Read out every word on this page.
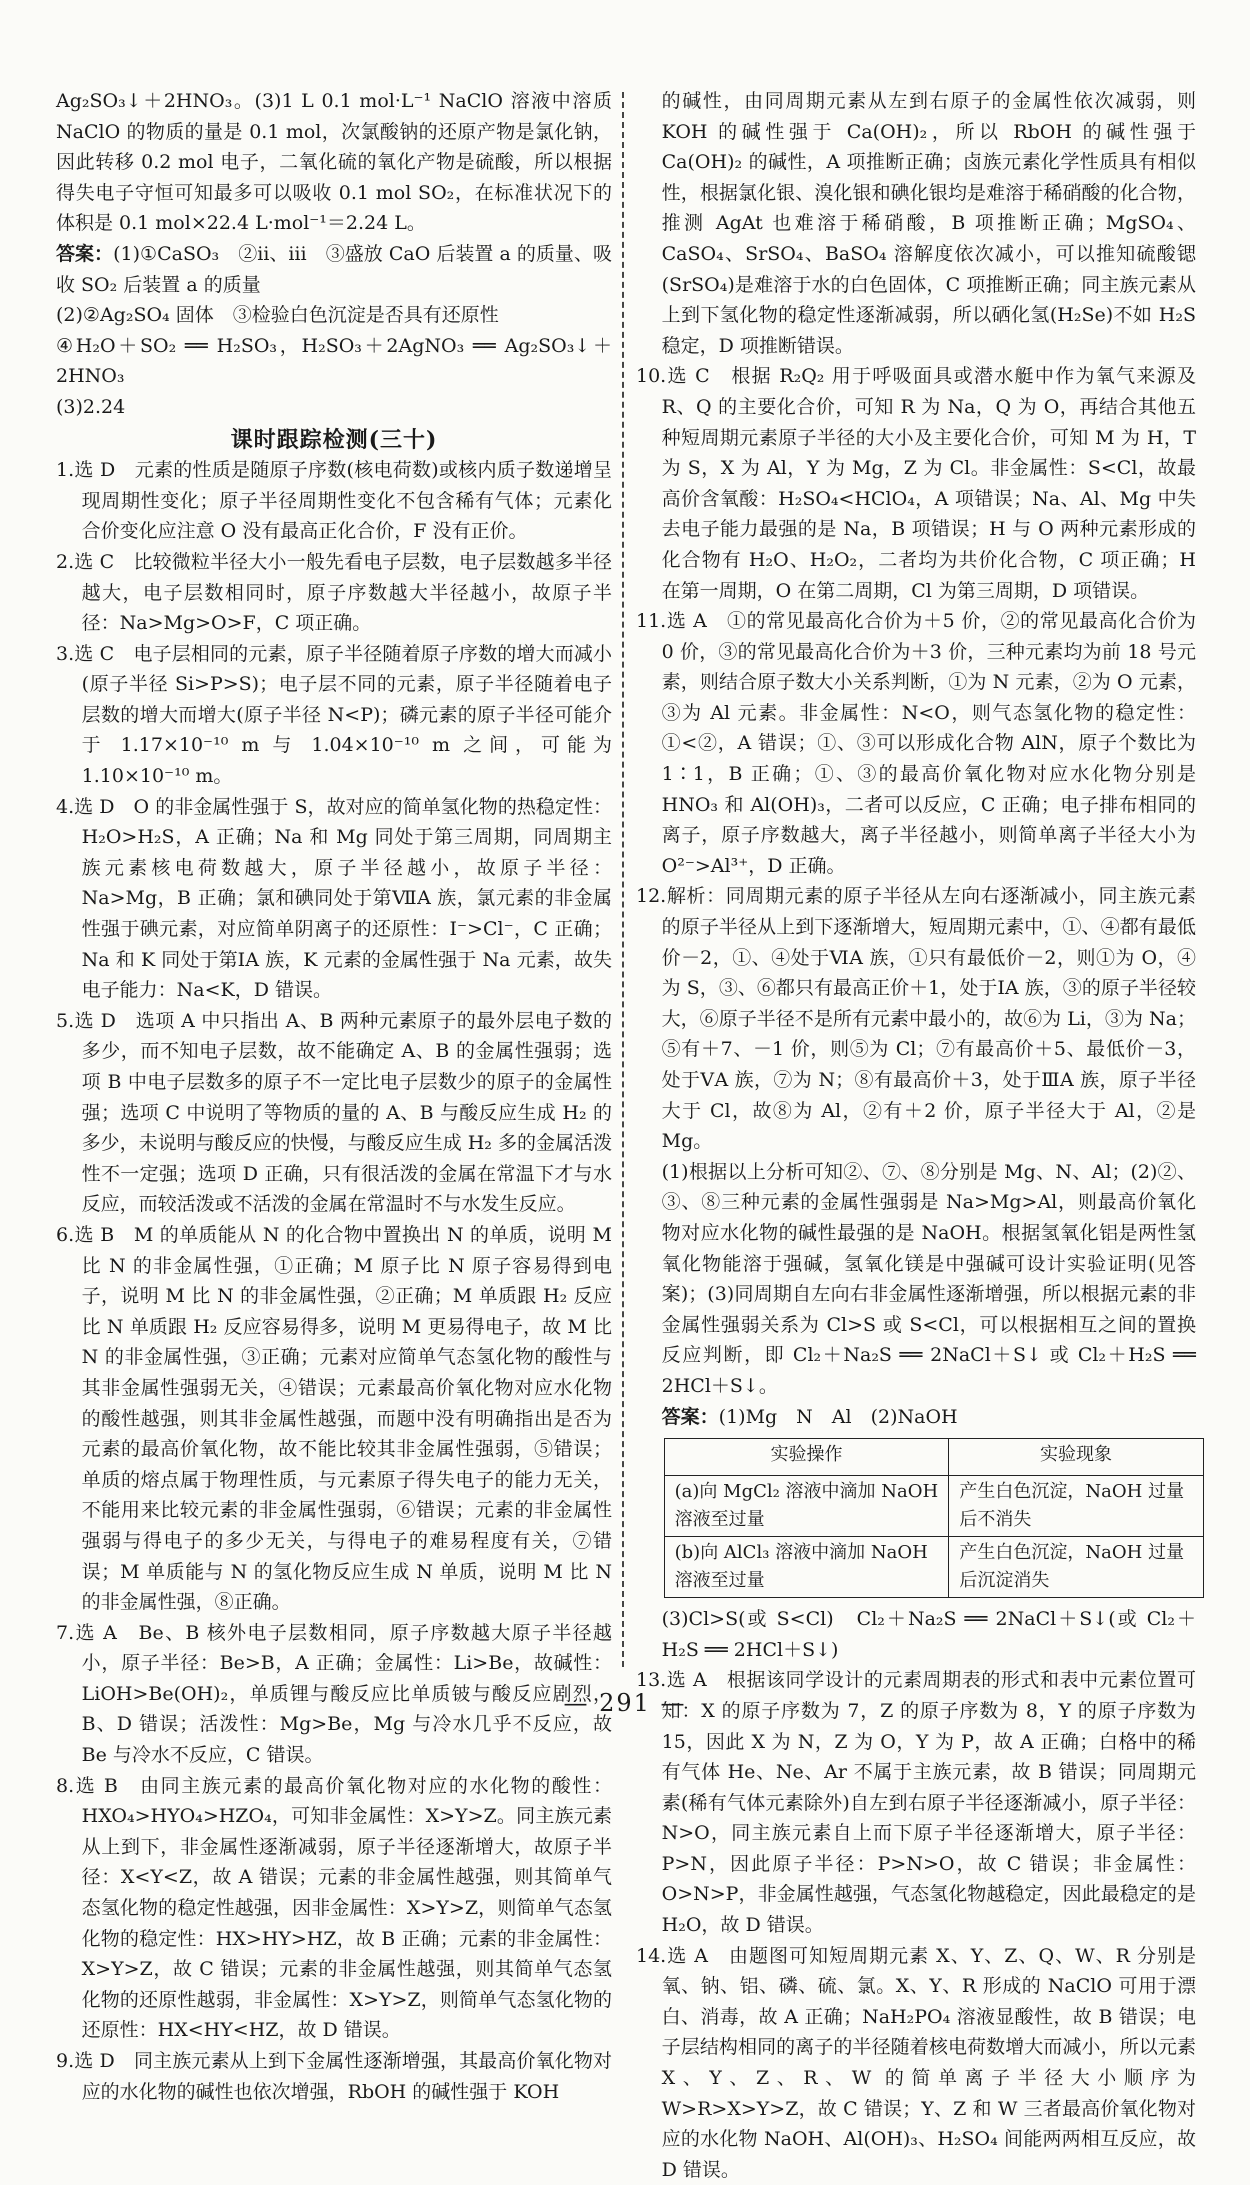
Ag₂SO₃↓＋2HNO₃。(3)1 L 0.1 mol·L⁻¹ NaClO 溶液中溶质 NaClO 的物质的量是 0.1 mol，次氯酸钠的还原产物是氯化钠，因此转移 0.2 mol 电子，二氧化硫的氧化产物是硫酸，所以根据得失电子守恒可知最多可以吸收 0.1 mol SO₂，在标准状况下的体积是 0.1 mol×22.4 L·mol⁻¹＝2.24 L。

答案：(1)①CaSO₃　②ⅱ、ⅲ　③盛放 CaO 后装置 a 的质量、吸收 SO₂ 后装置 a 的质量

(2)②Ag₂SO₄ 固体　③检验白色沉淀是否具有还原性

④H₂O＋SO₂ ══ H₂SO₃，H₂SO₃＋2AgNO₃ ══ Ag₂SO₃↓＋2HNO₃

(3)2.24

课时跟踪检测(三十)

1.选 D　元素的性质是随原子序数(核电荷数)或核内质子数递增呈现周期性变化；原子半径周期性变化不包含稀有气体；元素化合价变化应注意 O 没有最高正化合价，F 没有正价。

2.选 C　比较微粒半径大小一般先看电子层数，电子层数越多半径越大，电子层数相同时，原子序数越大半径越小，故原子半径：Na>Mg>O>F，C 项正确。

3.选 C　电子层相同的元素，原子半径随着原子序数的增大而减小(原子半径 Si>P>S)；电子层不同的元素，原子半径随着电子层数的增大而增大(原子半径 N<P)；磷元素的原子半径可能介于 1.17×10⁻¹⁰ m 与 1.04×10⁻¹⁰ m 之间，可能为 1.10×10⁻¹⁰ m。

4.选 D　O 的非金属性强于 S，故对应的简单氢化物的热稳定性：H₂O>H₂S，A 正确；Na 和 Mg 同处于第三周期，同周期主族元素核电荷数越大，原子半径越小，故原子半径：Na>Mg，B 正确；氯和碘同处于第ⅦA 族，氯元素的非金属性强于碘元素，对应简单阴离子的还原性：I⁻>Cl⁻，C 正确；Na 和 K 同处于第ⅠA 族，K 元素的金属性强于 Na 元素，故失电子能力：Na<K，D 错误。

5.选 D　选项 A 中只指出 A、B 两种元素原子的最外层电子数的多少，而不知电子层数，故不能确定 A、B 的金属性强弱；选项 B 中电子层数多的原子不一定比电子层数少的原子的金属性强；选项 C 中说明了等物质的量的 A、B 与酸反应生成 H₂ 的多少，未说明与酸反应的快慢，与酸反应生成 H₂ 多的金属活泼性不一定强；选项 D 正确，只有很活泼的金属在常温下才与水反应，而较活泼或不活泼的金属在常温时不与水发生反应。

6.选 B　M 的单质能从 N 的化合物中置换出 N 的单质，说明 M 比 N 的非金属性强，①正确；M 原子比 N 原子容易得到电子，说明 M 比 N 的非金属性强，②正确；M 单质跟 H₂ 反应比 N 单质跟 H₂ 反应容易得多，说明 M 更易得电子，故 M 比 N 的非金属性强，③正确；元素对应简单气态氢化物的酸性与其非金属性强弱无关，④错误；元素最高价氧化物对应水化物的酸性越强，则其非金属性越强，而题中没有明确指出是否为元素的最高价氧化物，故不能比较其非金属性强弱，⑤错误；单质的熔点属于物理性质，与元素原子得失电子的能力无关，不能用来比较元素的非金属性强弱，⑥错误；元素的非金属性强弱与得电子的多少无关，与得电子的难易程度有关，⑦错误；M 单质能与 N 的氢化物反应生成 N 单质，说明 M 比 N 的非金属性强，⑧正确。

7.选 A　Be、B 核外电子层数相同，原子序数越大原子半径越小，原子半径：Be>B，A 正确；金属性：Li>Be，故碱性：LiOH>Be(OH)₂，单质锂与酸反应比单质铍与酸反应剧烈，B、D 错误；活泼性：Mg>Be，Mg 与冷水几乎不反应，故 Be 与冷水不反应，C 错误。

8.选 B　由同主族元素的最高价氧化物对应的水化物的酸性：HXO₄>HYO₄>HZO₄，可知非金属性：X>Y>Z。同主族元素从上到下，非金属性逐渐减弱，原子半径逐渐增大，故原子半径：X<Y<Z，故 A 错误；元素的非金属性越强，则其简单气态氢化物的稳定性越强，因非金属性：X>Y>Z，则简单气态氢化物的稳定性：HX>HY>HZ，故 B 正确；元素的非金属性：X>Y>Z，故 C 错误；元素的非金属性越强，则其简单气态氢化物的还原性越弱，非金属性：X>Y>Z，则简单气态氢化物的还原性：HX<HY<HZ，故 D 错误。

9.选 D　同主族元素从上到下金属性逐渐增强，其最高价氧化物对应的水化物的碱性也依次增强，RbOH 的碱性强于 KOH

的碱性，由同周期元素从左到右原子的金属性依次减弱，则 KOH 的碱性强于 Ca(OH)₂，所以 RbOH 的碱性强于 Ca(OH)₂ 的碱性，A 项推断正确；卤族元素化学性质具有相似性，根据氯化银、溴化银和碘化银均是难溶于稀硝酸的化合物，推测 AgAt 也难溶于稀硝酸，B 项推断正确；MgSO₄、CaSO₄、SrSO₄、BaSO₄ 溶解度依次减小，可以推知硫酸锶(SrSO₄)是难溶于水的白色固体，C 项推断正确；同主族元素从上到下氢化物的稳定性逐渐减弱，所以硒化氢(H₂Se)不如 H₂S 稳定，D 项推断错误。

10.选 C　根据 R₂Q₂ 用于呼吸面具或潜水艇中作为氧气来源及 R、Q 的主要化合价，可知 R 为 Na，Q 为 O，再结合其他五种短周期元素原子半径的大小及主要化合价，可知 M 为 H，T 为 S，X 为 Al，Y 为 Mg，Z 为 Cl。非金属性：S<Cl，故最高价含氧酸：H₂SO₄<HClO₄，A 项错误；Na、Al、Mg 中失去电子能力最强的是 Na，B 项错误；H 与 O 两种元素形成的化合物有 H₂O、H₂O₂，二者均为共价化合物，C 项正确；H 在第一周期，O 在第二周期，Cl 为第三周期，D 项错误。

11.选 A　①的常见最高化合价为＋5 价，②的常见最高化合价为 0 价，③的常见最高化合价为＋3 价，三种元素均为前 18 号元素，则结合原子数大小关系判断，①为 N 元素，②为 O 元素，③为 Al 元素。非金属性：N<O，则气态氢化物的稳定性：①<②，A 错误；①、③可以形成化合物 AlN，原子个数比为 1∶1，B 正确；①、③的最高价氧化物对应水化物分别是 HNO₃ 和 Al(OH)₃，二者可以反应，C 正确；电子排布相同的离子，原子序数越大，离子半径越小，则简单离子半径大小为 O²⁻>Al³⁺，D 正确。

12.解析：同周期元素的原子半径从左向右逐渐减小，同主族元素的原子半径从上到下逐渐增大，短周期元素中，①、④都有最低价－2，①、④处于ⅥA 族，①只有最低价－2，则①为 O，④为 S，③、⑥都只有最高正价＋1，处于ⅠA 族，③的原子半径较大，⑥原子半径不是所有元素中最小的，故⑥为 Li，③为 Na；⑤有＋7、－1 价，则⑤为 Cl；⑦有最高价＋5、最低价－3，处于ⅤA 族，⑦为 N；⑧有最高价＋3，处于ⅢA 族，原子半径大于 Cl，故⑧为 Al，②有＋2 价，原子半径大于 Al，②是 Mg。

(1)根据以上分析可知②、⑦、⑧分别是 Mg、N、Al；(2)②、③、⑧三种元素的金属性强弱是 Na>Mg>Al，则最高价氧化物对应水化物的碱性最强的是 NaOH。根据氢氧化铝是两性氢氧化物能溶于强碱，氢氧化镁是中强碱可设计实验证明(见答案)；(3)同周期自左向右非金属性逐渐增强，所以根据元素的非金属性强弱关系为 Cl>S 或 S<Cl，可以根据相互之间的置换反应判断，即 Cl₂＋Na₂S ══ 2NaCl＋S↓ 或 Cl₂＋H₂S ══ 2HCl＋S↓。

答案：(1)Mg　N　Al　(2)NaOH

实验操作	实验现象
(a)向 MgCl₂ 溶液中滴加 NaOH 溶液至过量	产生白色沉淀，NaOH 过量后不消失
(b)向 AlCl₃ 溶液中滴加 NaOH 溶液至过量	产生白色沉淀，NaOH 过量后沉淀消失

(3)Cl>S(或 S<Cl)　Cl₂＋Na₂S ══ 2NaCl＋S↓(或 Cl₂＋H₂S ══ 2HCl＋S↓)

13.选 A　根据该同学设计的元素周期表的形式和表中元素位置可知：X 的原子序数为 7，Z 的原子序数为 8，Y 的原子序数为 15，因此 X 为 N，Z 为 O，Y 为 P，故 A 正确；白格中的稀有气体 He、Ne、Ar 不属于主族元素，故 B 错误；同周期元素(稀有气体元素除外)自左到右原子半径逐渐减小，原子半径：N>O，同主族元素自上而下原子半径逐渐增大，原子半径：P>N，因此原子半径：P>N>O，故 C 错误；非金属性：O>N>P，非金属性越强，气态氢化物越稳定，因此最稳定的是 H₂O，故 D 错误。

14.选 A　由题图可知短周期元素 X、Y、Z、Q、W、R 分别是氧、钠、铝、磷、硫、氯。X、Y、R 形成的 NaClO 可用于漂白、消毒，故 A 正确；NaH₂PO₄ 溶液显酸性，故 B 错误；电子层结构相同的离子的半径随着核电荷数增大而减小，所以元素 X、Y、Z、R、W 的简单离子半径大小顺序为 W>R>X>Y>Z，故 C 错误；Y、Z 和 W 三者最高价氧化物对应的水化物 NaOH、Al(OH)₃、H₂SO₄ 间能两两相互反应，故 D 错误。

— 291 —
